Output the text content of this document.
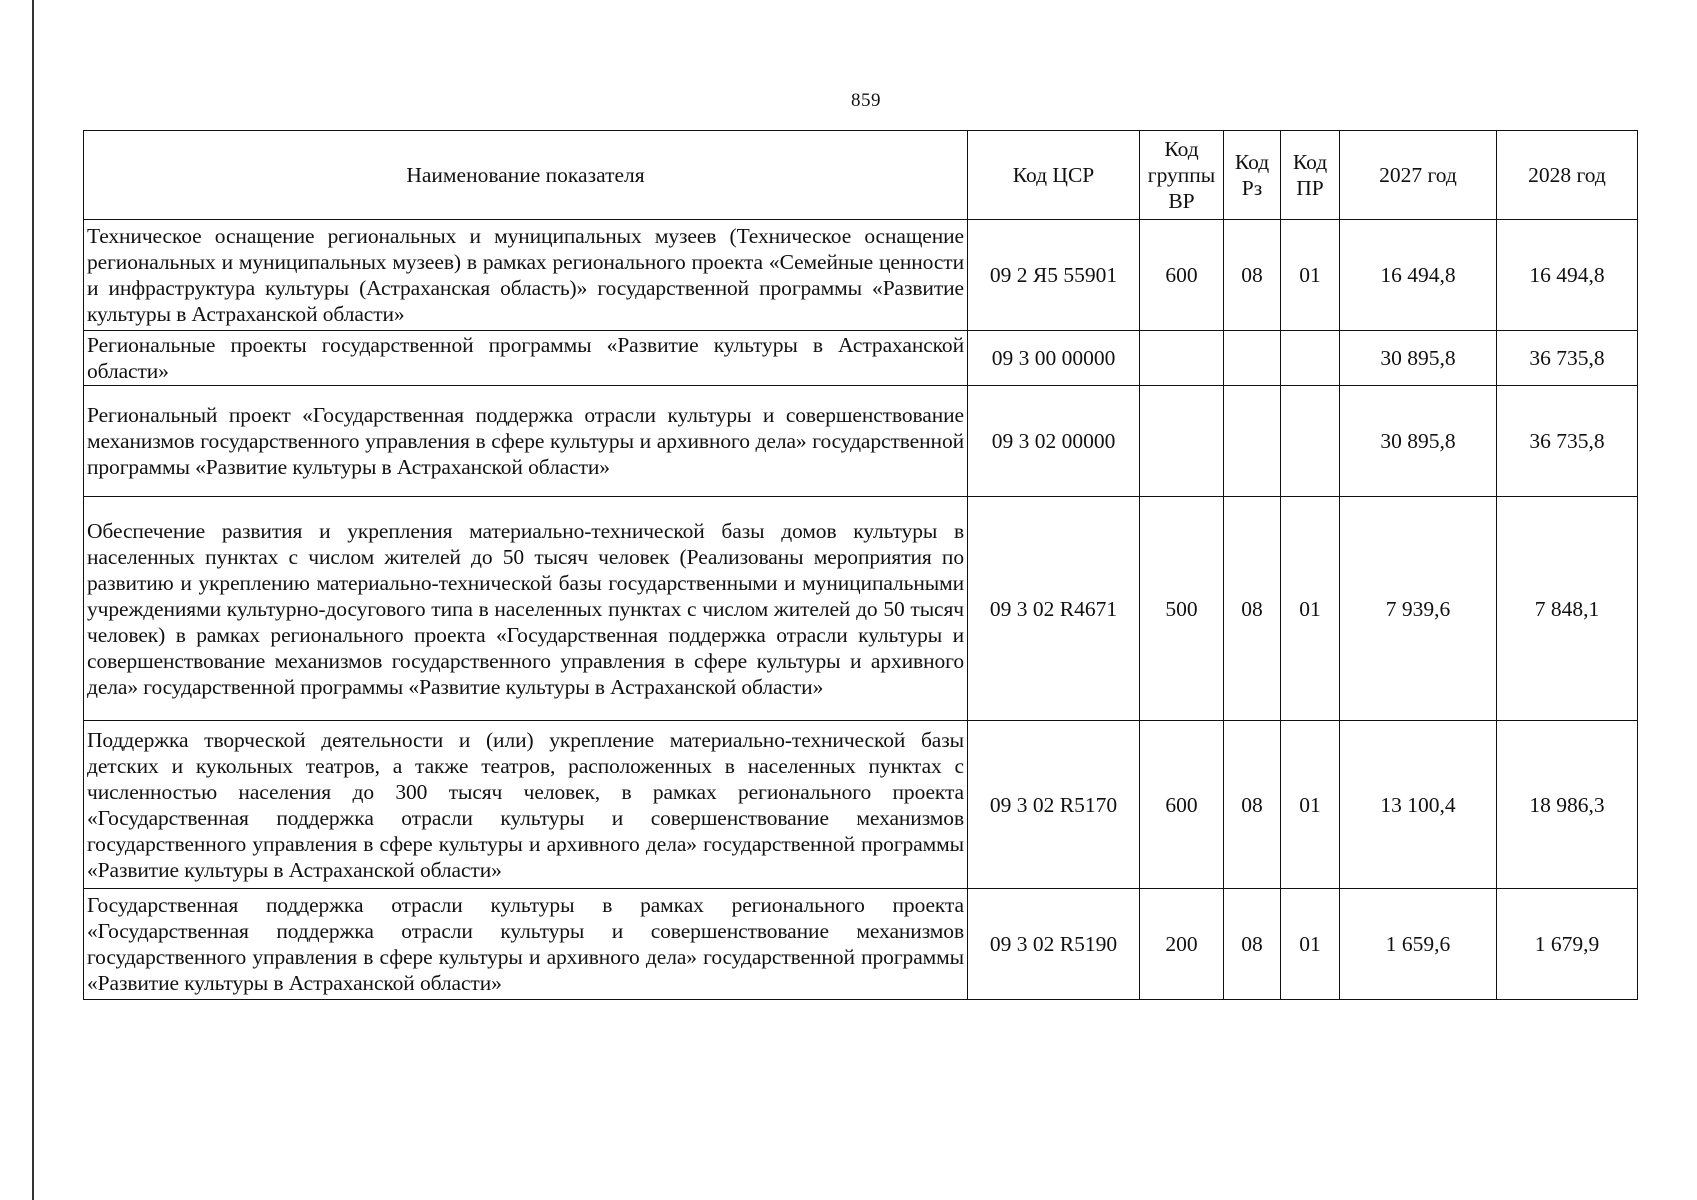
859
Наименование показателя	Код ЦСР	Код группы ВР	Код Рз	Код ПР	2027 год	2028 год
Техническое оснащение региональных и муниципальных музеев (Техническое оснащение региональных и муниципальных музеев) в рамках регионального проекта «Семейные ценности и инфраструктура культуры (Астраханская область)» государственной программы «Развитие культуры в Астраханской области»	09 2 Я5 55901	600	08	01	16 494,8	16 494,8
Региональные проекты государственной программы «Развитие культуры в Астраханской области»	09 3 00 00000				30 895,8	36 735,8
Региональный проект «Государственная поддержка отрасли культуры и совершенствование механизмов государственного управления в сфере культуры и архивного дела» государственной программы «Развитие культуры в Астраханской области»	09 3 02 00000				30 895,8	36 735,8
Обеспечение развития и укрепления материально-технической базы домов культуры в населенных пунктах с числом жителей до 50 тысяч человек (Реализованы мероприятия по развитию и укреплению материально-технической базы государственными и муниципальными учреждениями культурно-досугового типа в населенных пунктах с числом жителей до 50 тысяч человек) в рамках регионального проекта «Государственная поддержка отрасли культуры и совершенствование механизмов государственного управления в сфере культуры и архивного дела» государственной программы «Развитие культуры в Астраханской области»	09 3 02 R4671	500	08	01	7 939,6	7 848,1
Поддержка творческой деятельности и (или) укрепление материально-технической базы детских и кукольных театров, а также театров, расположенных в населенных пунктах с численностью населения до 300 тысяч человек, в рамках регионального проекта «Государственная поддержка отрасли культуры и совершенствование механизмов государственного управления в сфере культуры и архивного дела» государственной программы «Развитие культуры в Астраханской области»	09 3 02 R5170	600	08	01	13 100,4	18 986,3
Государственная поддержка отрасли культуры в рамках регионального проекта «Государственная поддержка отрасли культуры и совершенствование механизмов государственного управления в сфере культуры и архивного дела» государственной программы «Развитие культуры в Астраханской области»	09 3 02 R5190	200	08	01	1 659,6	1 679,9
